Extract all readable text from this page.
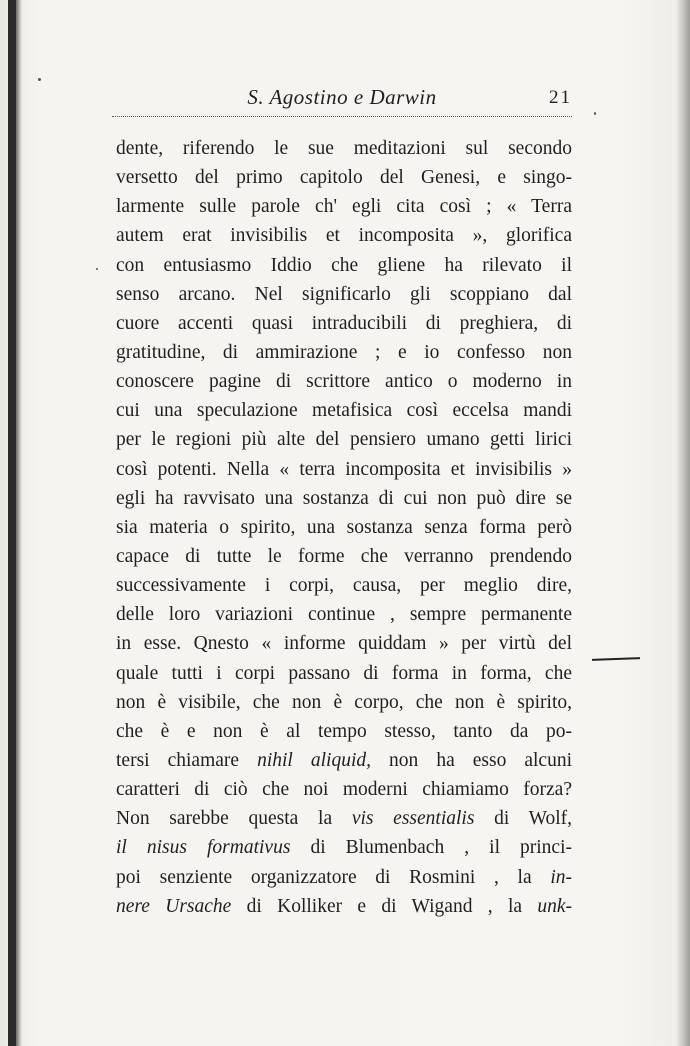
S. Agostino e Darwin	21
dente, riferendo le sue meditazioni sul secondo
versetto del primo capitolo del Genesi, e singo-
larmente sulle parole ch' egli cita così ; « Terra
autem erat invisibilis et incomposita », glorifica
con entusiasmo Iddio che gliene ha rilevato il
senso arcano. Nel significarlo gli scoppiano dal
cuore accenti quasi intraducibili di preghiera, di
gratitudine, di ammirazione ; e io confesso non
conoscere pagine di scrittore antico o moderno in
cui una speculazione metafisica così eccelsa mandi
per le regioni più alte del pensiero umano getti lirici
così potenti. Nella « terra incomposita et invisibilis »
egli ha ravvisato una sostanza di cui non può dire se
sia materia o spirito, una sostanza senza forma però
capace di tutte le forme che verranno prendendo
successivamente i corpi, causa, per meglio dire,
delle loro variazioni continue , sempre permanente
in esse. Qnesto « informe quiddam » per virtù del
quale tutti i corpi passano di forma in forma, che
non è visibile, che non è corpo, che non è spirito,
che è e non è al tempo stesso, tanto da po-
tersi chiamare nihil aliquid, non ha esso alcuni
caratteri di ciò che noi moderni chiamiamo forza?
Non sarebbe questa la vis essentialis di Wolf,
il nisus formativus di Blumenbach , il princi-
poi senziente organizzatore di Rosmini , la in-
nere Ursache di Kolliker e di Wigand , la unk-
